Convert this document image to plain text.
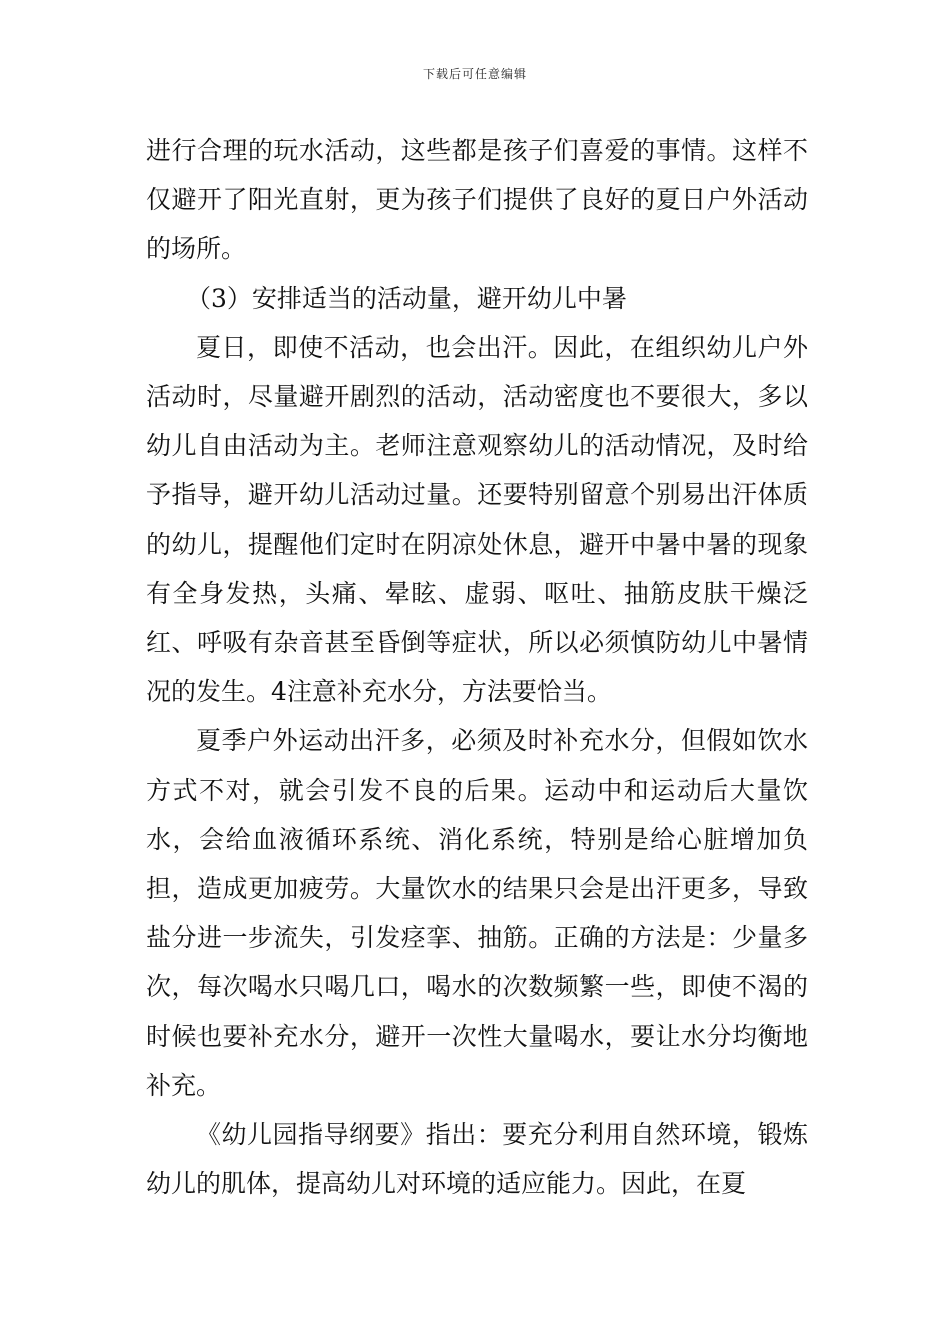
下载后可任意编辑

进行合理的玩水活动，这些都是孩子们喜爱的事情。这样不仅避开了阳光直射，更为孩子们提供了良好的夏日户外活动的场所。

（3）安排适当的活动量，避开幼儿中暑

夏日，即使不活动，也会出汗。因此，在组织幼儿户外活动时，尽量避开剧烈的活动，活动密度也不要很大，多以幼儿自由活动为主。老师注意观察幼儿的活动情况，及时给予指导，避开幼儿活动过量。还要特别留意个别易出汗体质的幼儿，提醒他们定时在阴凉处休息，避开中暑中暑的现象有全身发热，头痛、晕眩、虚弱、呕吐、抽筋皮肤干燥泛红、呼吸有杂音甚至昏倒等症状，所以必须慎防幼儿中暑情况的发生。4注意补充水分，方法要恰当。

夏季户外运动出汗多，必须及时补充水分，但假如饮水方式不对，就会引发不良的后果。运动中和运动后大量饮水，会给血液循环系统、消化系统，特别是给心脏增加负担，造成更加疲劳。大量饮水的结果只会是出汗更多，导致盐分进一步流失，引发痉挛、抽筋。正确的方法是：少量多次，每次喝水只喝几口，喝水的次数频繁一些，即使不渴的时候也要补充水分，避开一次性大量喝水，要让水分均衡地补充。

《幼儿园指导纲要》指出：要充分利用自然环境，锻炼幼儿的肌体，提高幼儿对环境的适应能力。因此，在夏
